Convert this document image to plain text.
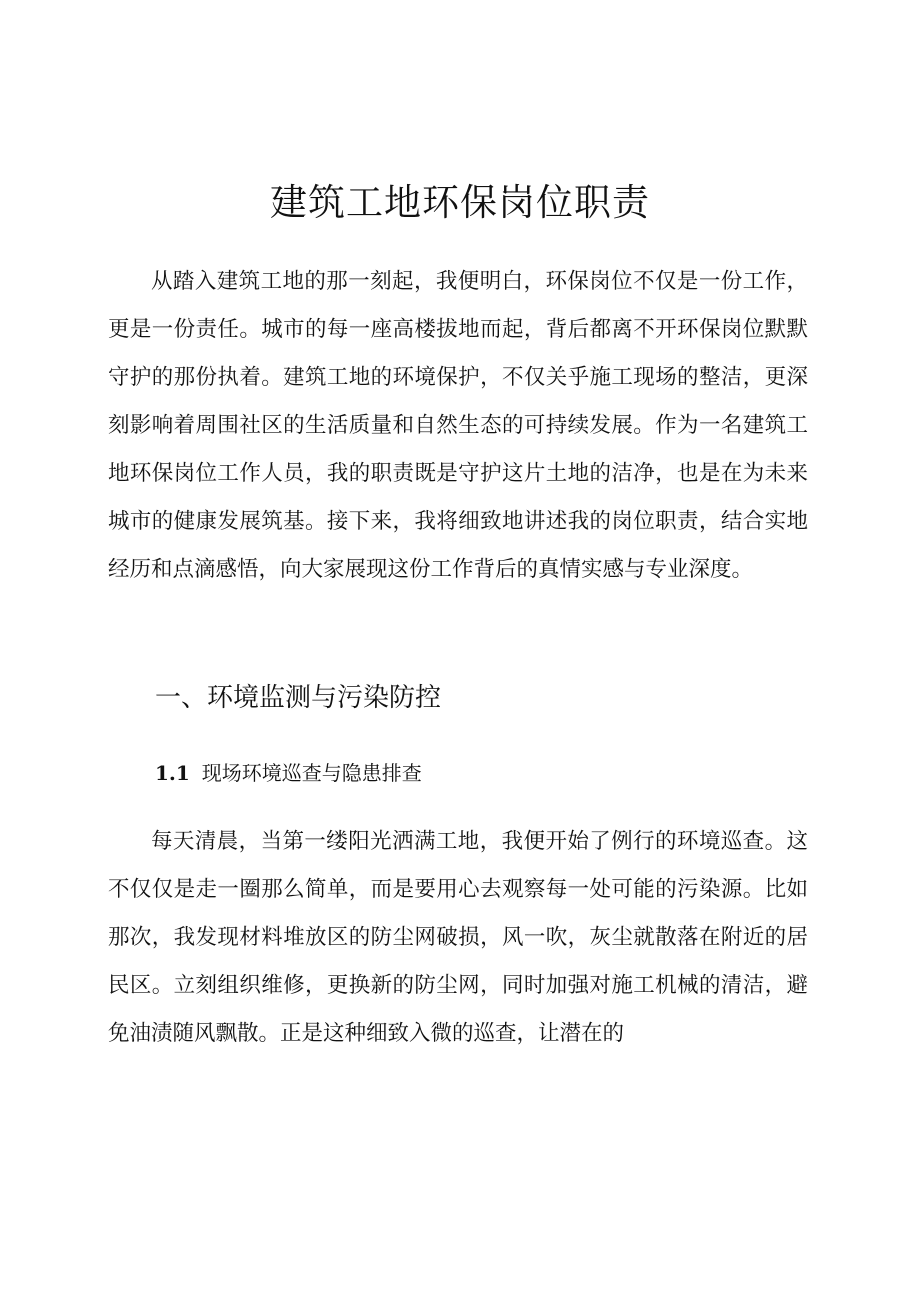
建筑工地环保岗位职责

从踏入建筑工地的那一刻起，我便明白，环保岗位不仅是一份工作，更是一份责任。城市的每一座高楼拔地而起，背后都离不开环保岗位默默守护的那份执着。建筑工地的环境保护，不仅关乎施工现场的整洁，更深刻影响着周围社区的生活质量和自然生态的可持续发展。作为一名建筑工地环保岗位工作人员，我的职责既是守护这片土地的洁净，也是在为未来城市的健康发展筑基。接下来，我将细致地讲述我的岗位职责，结合实地经历和点滴感悟，向大家展现这份工作背后的真情实感与专业深度。

一、环境监测与污染防控
1.1 现场环境巡查与隐患排查

每天清晨，当第一缕阳光洒满工地，我便开始了例行的环境巡查。这不仅仅是走一圈那么简单，而是要用心去观察每一处可能的污染源。比如那次，我发现材料堆放区的防尘网破损，风一吹，灰尘就散落在附近的居民区。立刻组织维修，更换新的防尘网，同时加强对施工机械的清洁，避免油渍随风飘散。正是这种细致入微的巡查，让潜在的
